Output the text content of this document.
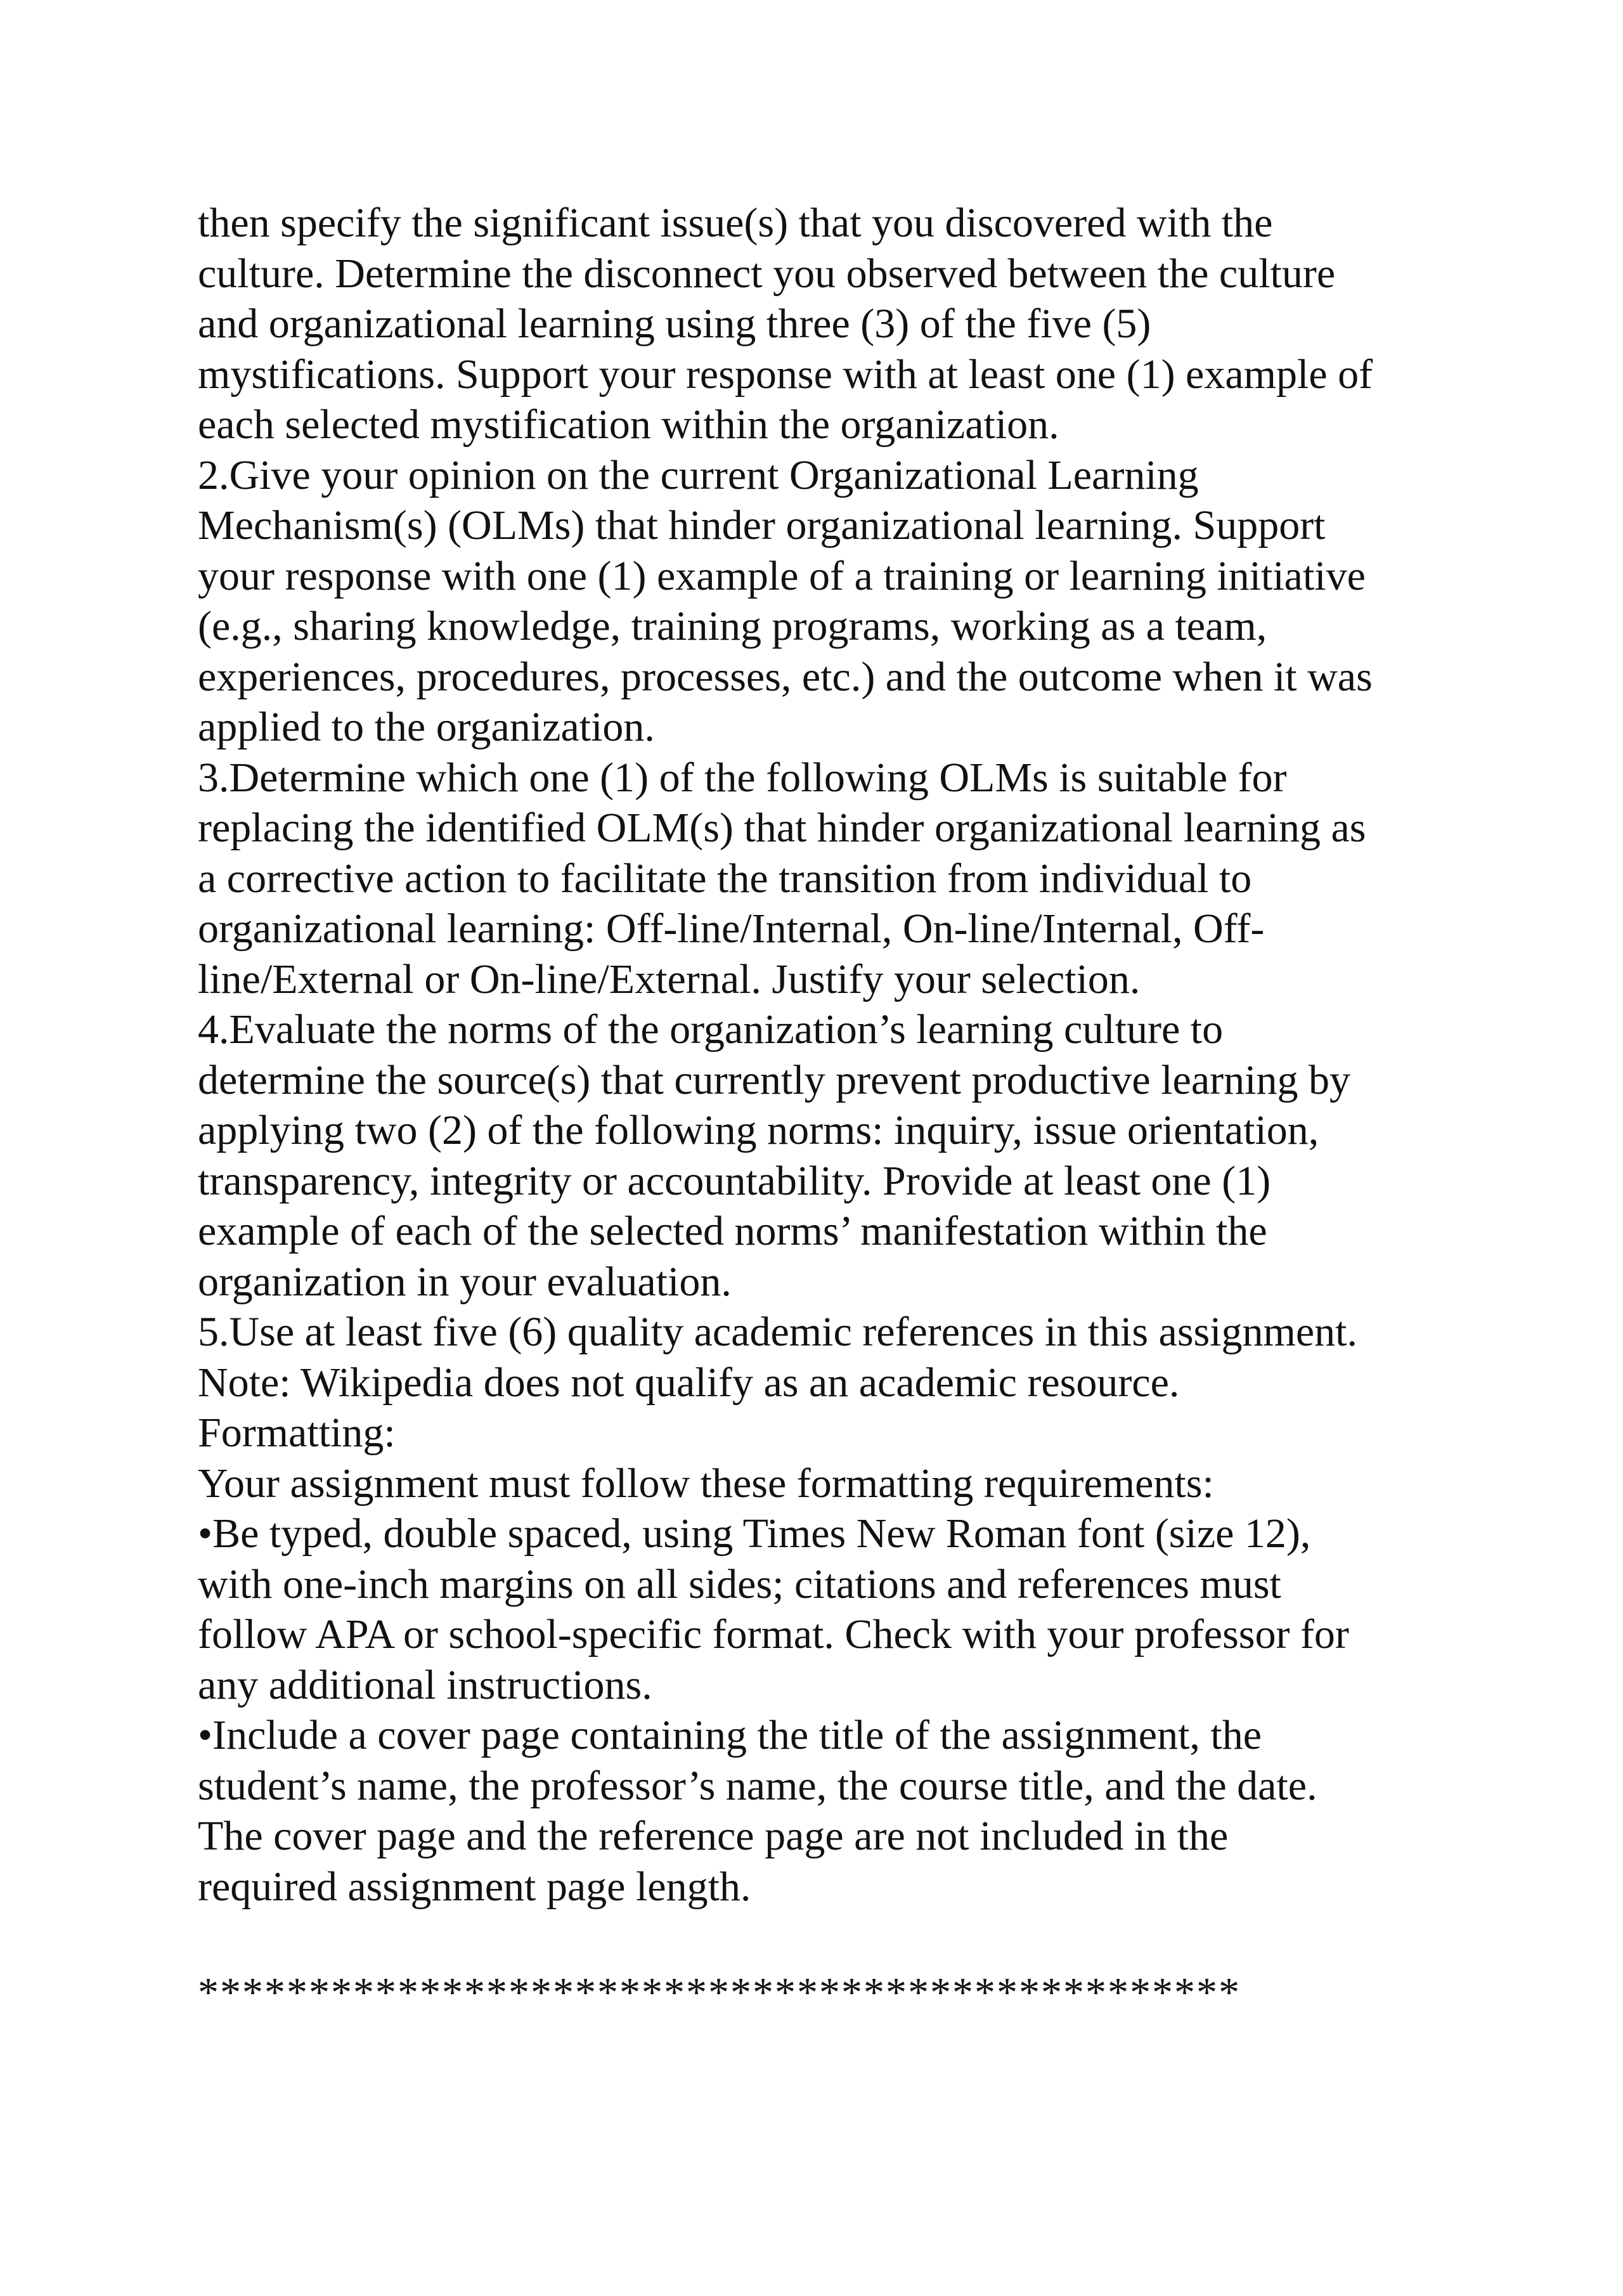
then specify the significant issue(s) that you discovered with the
culture. Determine the disconnect you observed between the culture
and organizational learning using three (3) of the five (5)
mystifications. Support your response with at least one (1) example of
each selected mystification within the organization.
2.Give your opinion on the current Organizational Learning
Mechanism(s) (OLMs) that hinder organizational learning. Support
your response with one (1) example of a training or learning initiative
(e.g., sharing knowledge, training programs, working as a team,
experiences, procedures, processes, etc.) and the outcome when it was
applied to the organization.
3.Determine which one (1) of the following OLMs is suitable for
replacing the identified OLM(s) that hinder organizational learning as
a corrective action to facilitate the transition from individual to
organizational learning: Off-line/Internal, On-line/Internal, Off-
line/External or On-line/External. Justify your selection.
4.Evaluate the norms of the organization’s learning culture to
determine the source(s) that currently prevent productive learning by
applying two (2) of the following norms: inquiry, issue orientation,
transparency, integrity or accountability. Provide at least one (1)
example of each of the selected norms’ manifestation within the
organization in your evaluation.
5.Use at least five (6) quality academic references in this assignment.
Note: Wikipedia does not qualify as an academic resource.
Formatting:
Your assignment must follow these formatting requirements:
•Be typed, double spaced, using Times New Roman font (size 12),
with one-inch margins on all sides; citations and references must
follow APA or school-specific format. Check with your professor for
any additional instructions.
•Include a cover page containing the title of the assignment, the
student’s name, the professor’s name, the course title, and the date.
The cover page and the reference page are not included in the
required assignment page length.
***********************************************
